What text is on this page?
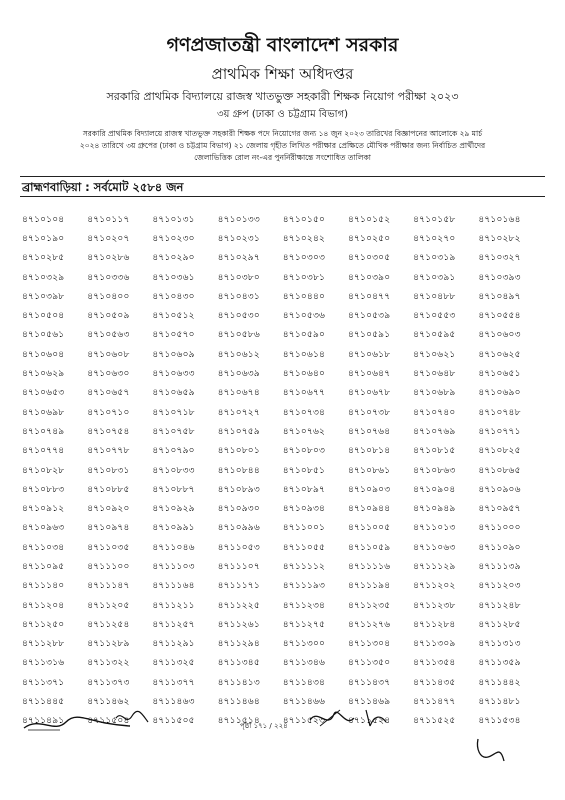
গণপ্রজাতন্ত্রী বাংলাদেশ সরকার
প্রাথমিক শিক্ষা অধিদপ্তর
সরকারি প্রাথমিক বিদ্যালয়ে রাজস্ব খাতভুক্ত সহকারী শিক্ষক নিয়োগ পরীক্ষা ২০২৩
৩য় গ্রুপ (ঢাকা ও চট্টগ্রাম বিভাগ)
সরকারি প্রাথমিক বিদ্যালয়ে রাজস্ব খাতভুক্ত সহকারী শিক্ষক পদে নিয়োগের জন্য ১৪ জুন ২০২৩ তারিখের বিজ্ঞাপনের আলোকে ২৯ মার্চ
২০২৪ তারিখে ৩য় গ্রুপের (ঢাকা ও চট্টগ্রাম বিভাগ) ২১ জেলায় গৃহীত লিখিত পরীক্ষার প্রেক্ষিতে মৌখিক পরীক্ষার জন্য নির্বাচিত প্রার্থীদের
জেলাভিত্তিক রোল নং-এর পুনর্নিরীক্ষান্তে সংশোধিত তালিকা
ব্রাহ্মণবাড়িয়া : সর্বমোট ২৫৮৪ জন
৪৭১০১০৪	৪৭১০১১৭	৪৭১০১৩১	৪৭১০১৩৩	৪৭১০১৫০	৪৭১০১৫২	৪৭১০১৫৮	৪৭১০১৬৪
৪৭১০১৯০	৪৭১০২০৭	৪৭১০২৩০	৪৭১০২৩১	৪৭১০২৪২	৪৭১০২৫০	৪৭১০২৭০	৪৭১০২৮২
৪৭১০২৮৫	৪৭১০২৮৬	৪৭১০২৯০	৪৭১০২৯৭	৪৭১০৩০৩	৪৭১০৩০৫	৪৭১০৩১৯	৪৭১০৩২৭
৪৭১০৩২৯	৪৭১০৩৩৬	৪৭১০৩৬১	৪৭১০৩৮০	৪৭১০৩৮১	৪৭১০৩৯০	৪৭১০৩৯১	৪৭১০৩৯৩
৪৭১০৩৯৮	৪৭১০৪০০	৪৭১০৪৩০	৪৭১০৪৩১	৪৭১০৪৪০	৪৭১০৪৭৭	৪৭১০৪৮৮	৪৭১০৪৯৭
৪৭১০৫০৪	৪৭১০৫০৯	৪৭১০৫১২	৪৭১০৫৩০	৪৭১০৫৩৬	৪৭১০৫৩৯	৪৭১০৫৫৩	৪৭১০৫৫৪
৪৭১০৫৬১	৪৭১০৫৬৩	৪৭১০৫৭০	৪৭১০৫৮৬	৪৭১০৫৯০	৪৭১০৫৯১	৪৭১০৫৯৫	৪৭১০৬০৩
৪৭১০৬০৪	৪৭১০৬০৮	৪৭১০৬০৯	৪৭১০৬১২	৪৭১০৬১৪	৪৭১০৬১৮	৪৭১০৬২১	৪৭১০৬২৫
৪৭১০৬২৯	৪৭১০৬৩০	৪৭১০৬৩৩	৪৭১০৬৩৯	৪৭১০৬৪০	৪৭১০৬৪৭	৪৭১০৬৪৮	৪৭১০৬৫১
৪৭১০৬৫৩	৪৭১০৬৫৭	৪৭১০৬৫৯	৪৭১০৬৭৪	৪৭১০৬৭৭	৪৭১০৬৭৮	৪৭১০৬৮৯	৪৭১০৬৯০
৪৭১০৬৯৮	৪৭১০৭১০	৪৭১০৭১৮	৪৭১০৭২৭	৪৭১০৭৩৪	৪৭১০৭৩৮	৪৭১০৭৪০	৪৭১০৭৪৮
৪৭১০৭৪৯	৪৭১০৭৫৪	৪৭১০৭৫৮	৪৭১০৭৫৯	৪৭১০৭৬২	৪৭১০৭৬৪	৪৭১০৭৬৯	৪৭১০৭৭১
৪৭১০৭৭৪	৪৭১০৭৭৮	৪৭১০৭৯০	৪৭১০৮০১	৪৭১০৮০৩	৪৭১০৮১৪	৪৭১০৮১৫	৪৭১০৮২৫
৪৭১০৮২৮	৪৭১০৮৩১	৪৭১০৮৩৩	৪৭১০৮৪৪	৪৭১০৮৫১	৪৭১০৮৬১	৪৭১০৮৬৩	৪৭১০৮৬৫
৪৭১০৮৮৩	৪৭১০৮৮৫	৪৭১০৮৮৭	৪৭১০৮৯৩	৪৭১০৮৯৭	৪৭১০৯০৩	৪৭১০৯০৪	৪৭১০৯০৬
৪৭১০৯১২	৪৭১০৯২০	৪৭১০৯২৯	৪৭১০৯৩০	৪৭১০৯৩৪	৪৭১০৯৪৪	৪৭১০৯৪৯	৪৭১০৯৫৭
৪৭১০৯৬৩	৪৭১০৯৭৪	৪৭১০৯৯১	৪৭১০৯৯৬	৪৭১১০০১	৪৭১১০০৫	৪৭১১০১৩	৪৭১১০০০
৪৭১১০৩৪	৪৭১১০৩৫	৪৭১১০৪৬	৪৭১১০৫৩	৪৭১১০৫৫	৪৭১১০৫৯	৪৭১১০৬৩	৪৭১১০৯০
৪৭১১০৯৫	৪৭১১১০০	৪৭১১১০৩	৪৭১১১০৭	৪৭১১১১২	৪৭১১১১৬	৪৭১১১২৯	৪৭১১১৩৯
৪৭১১১৪০	৪৭১১১৪৭	৪৭১১১৬৪	৪৭১১১৭১	৪৭১১১৯৩	৪৭১১১৯৪	৪৭১১২০২	৪৭১১২০৩
৪৭১১২০৪	৪৭১১২০৫	৪৭১১২১১	৪৭১১২২৫	৪৭১১২৩৪	৪৭১১২৩৫	৪৭১১২৩৮	৪৭১১২৪৮
৪৭১১২৫০	৪৭১১২৫৪	৪৭১১২৫৭	৪৭১১২৬১	৪৭১১২৭৫	৪৭১১২৭৬	৪৭১১২৮৪	৪৭১১২৮৫
৪৭১১২৮৮	৪৭১১২৮৯	৪৭১১২৯১	৪৭১১২৯৪	৪৭১১৩০০	৪৭১১৩০৪	৪৭১১৩০৯	৪৭১১৩১৩
৪৭১১৩১৬	৪৭১১৩২২	৪৭১১৩২৫	৪৭১১৩৪৫	৪৭১১৩৪৬	৪৭১১৩৫০	৪৭১১৩৫৪	৪৭১১৩৫৯
৪৭১১৩৭১	৪৭১১৩৭৩	৪৭১১৩৭৭	৪৭১১৪১৩	৪৭১১৪৩৪	৪৭১১৪৩৭	৪৭১১৪৩৫	৪৭১১৪৪২
৪৭১১৪৪৫	৪৭১১৪৬২	৪৭১১৪৬৩	৪৭১১৪৬৪	৪৭১১৪৬৬	৪৭১১৪৬৯	৪৭১১৪৭৭	৪৭১১৪৮১
৪৭১১৪৯১	৪৭১১৫০৪	৪৭১১৫০৫	৪৭১১৫১৪	৪৭১১৫২৩	৪৭১১৫২৪	৪৭১১৫২৫	৪৭১১৫৩৪
পৃষ্ঠা ১৭১ / ২২৪
